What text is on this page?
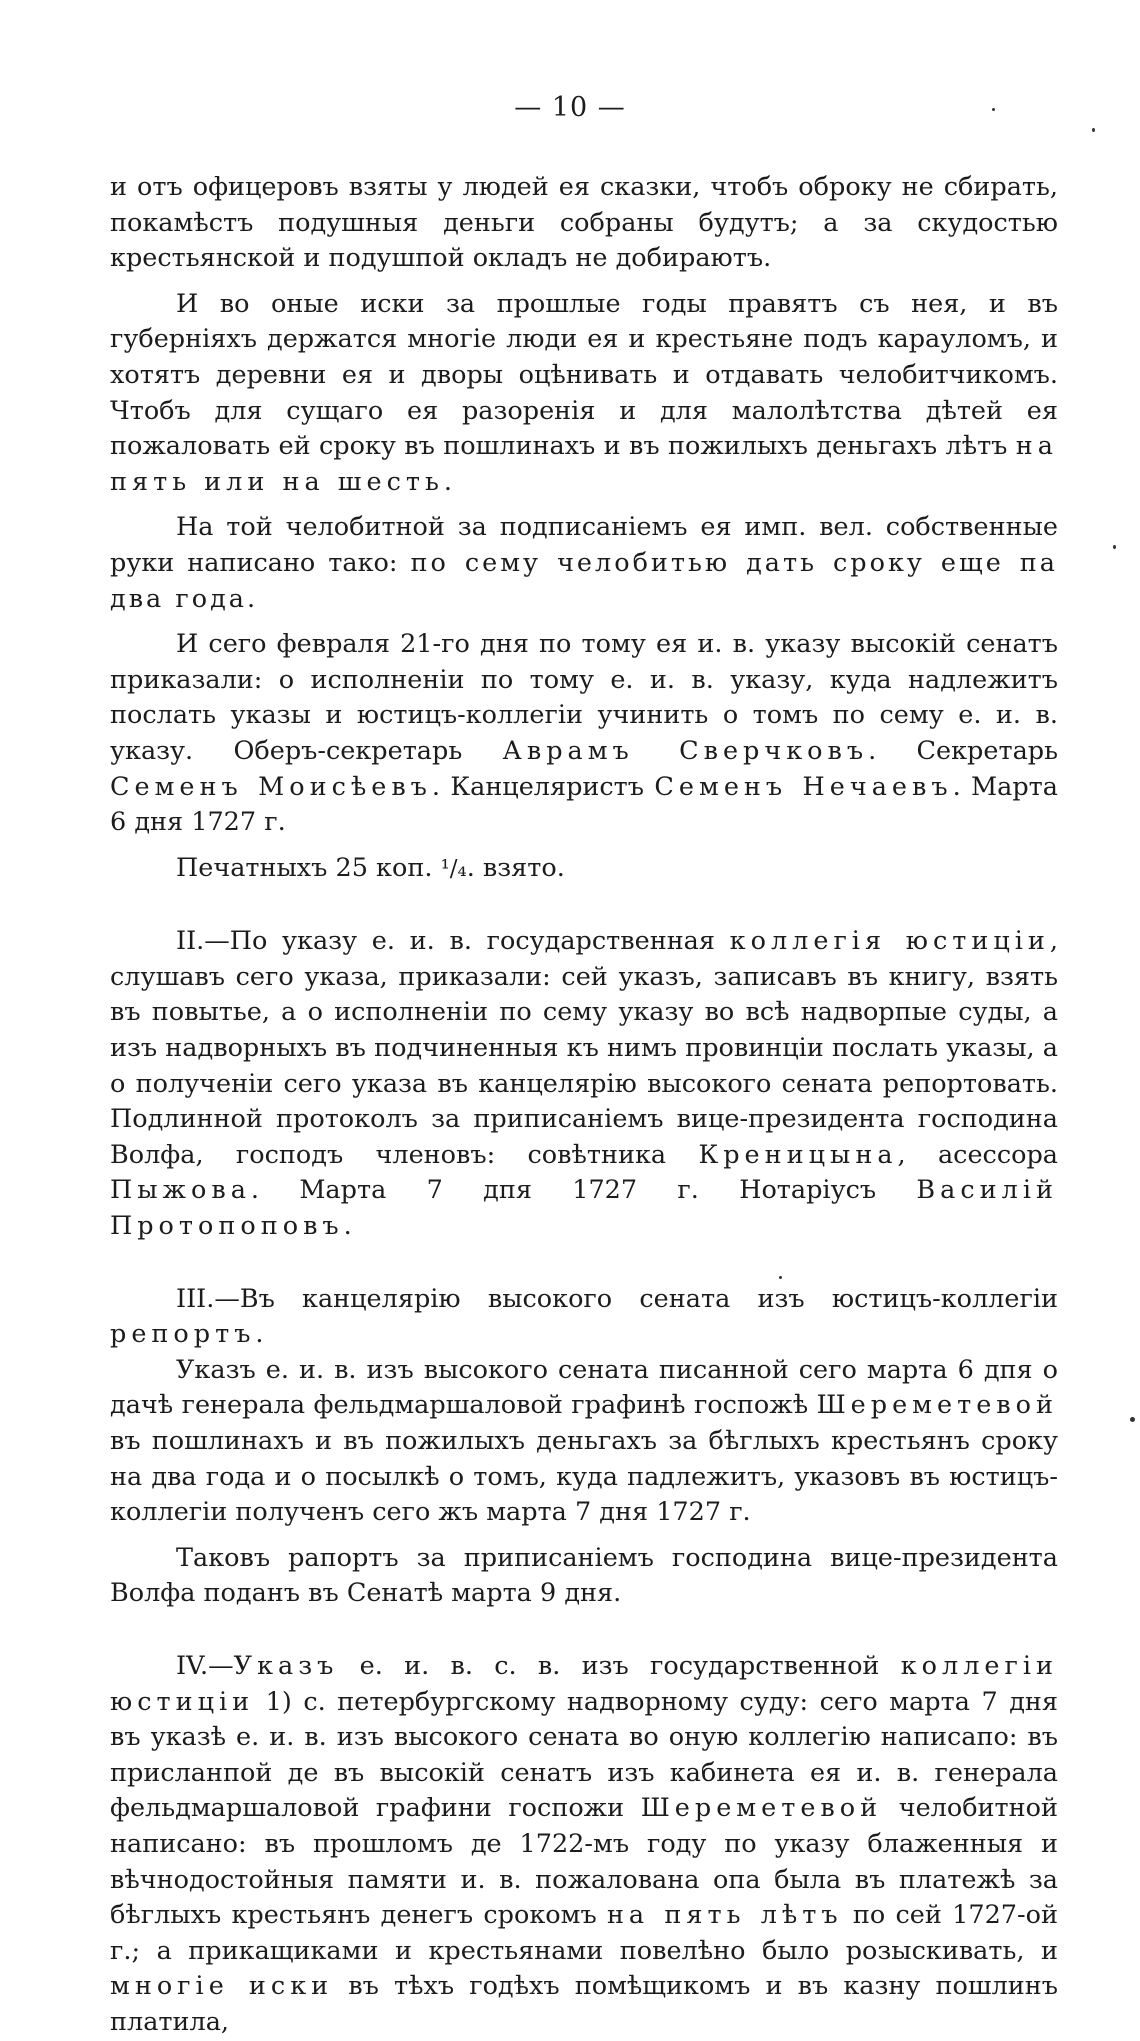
— 10 —

и отъ офицеровъ взяты у людей ея сказки, чтобъ оброку не сбирать, покамѣстъ подушныя деньги собраны будутъ; а за скудостью крестьянской и подушпой окладъ не добираютъ.

И во оные иски за прошлые годы правятъ съ нея, и въ губерніяхъ держатся многіе люди ея и крестьяне подъ карауломъ, и хотятъ деревни ея и дворы оцѣнивать и отдавать челобитчикомъ. Чтобъ для сущаго ея разоренія и для малолѣтства дѣтей ея пожаловать ей сроку въ пошлинахъ и въ пожилыхъ деньгахъ лѣтъ на пять или на шесть.

На той челобитной за подписаніемъ ея имп. вел. собственные руки написано тако: по сему челобитью дать сроку еще па два года.

И сего февраля 21-го дня по тому ея и. в. указу высокій сенатъ приказали: о исполненіи по тому е. и. в. указу, куда надлежитъ послать указы и юстицъ-коллегіи учинить о томъ по сему е. и. в. указу. Оберъ-секретарь Аврамъ Сверчковъ. Секретарь Семенъ Моисѣевъ. Канцеляристъ Семенъ Нечаевъ. Марта 6 дня 1727 г.

Печатныхъ 25 коп. ¹/₄. взято.

II.—По указу е. и. в. государственная коллегія юстиціи, слушавъ сего указа, приказали: сей указъ, записавъ въ книгу, взять въ повытье, а о исполненіи по сему указу во всѣ надворпые суды, а изъ надворныхъ въ подчиненныя къ нимъ провинціи послать указы, а о полученіи сего указа въ канцелярію высокого сената репортовать. Подлинной протоколъ за приписаніемъ вице-президента господина Волфа, господъ членовъ: совѣтника Креницына, асессора Пыжова. Марта 7 дпя 1727 г. Нотаріусъ Василій Протопоповъ.

III.—Въ канцелярію высокого сената изъ юстицъ-коллегіи репортъ.

Указъ е. и. в. изъ высокого сената писанной сего марта 6 дпя о дачѣ генерала фельдмаршаловой графинѣ госпожѣ Шереметевой въ пошлинахъ и въ пожилыхъ деньгахъ за бѣглыхъ крестьянъ сроку на два года и о посылкѣ о томъ, куда падлежитъ, указовъ въ юстицъ-коллегіи полученъ сего жъ марта 7 дня 1727 г.

Таковъ рапортъ за приписаніемъ господина вице-президента Волфа поданъ въ Сенатѣ марта 9 дня.

IV.—Указъ е. и. в. с. в. изъ государственной коллегіи юстиціи 1) с. петербургскому надворному суду: сего марта 7 дня въ указѣ е. и. в. изъ высокого сената во оную коллегію написапо: въ присланпой де въ высокій сенатъ изъ кабинета ея и. в. генерала фельдмаршаловой графини госпожи Шереметевой челобитной написано: въ прошломъ де 1722-мъ году по указу блаженныя и вѣчнодостойныя памяти и. в. пожалована опа была въ платежѣ за бѣглыхъ крестьянъ денегъ срокомъ на пять лѣтъ по сей 1727-ой г.; а прикащиками и крестьянами повелѣно было розыскивать, и многіе иски въ тѣхъ годѣхъ помѣщикомъ и въ казну пошлинъ платила,
